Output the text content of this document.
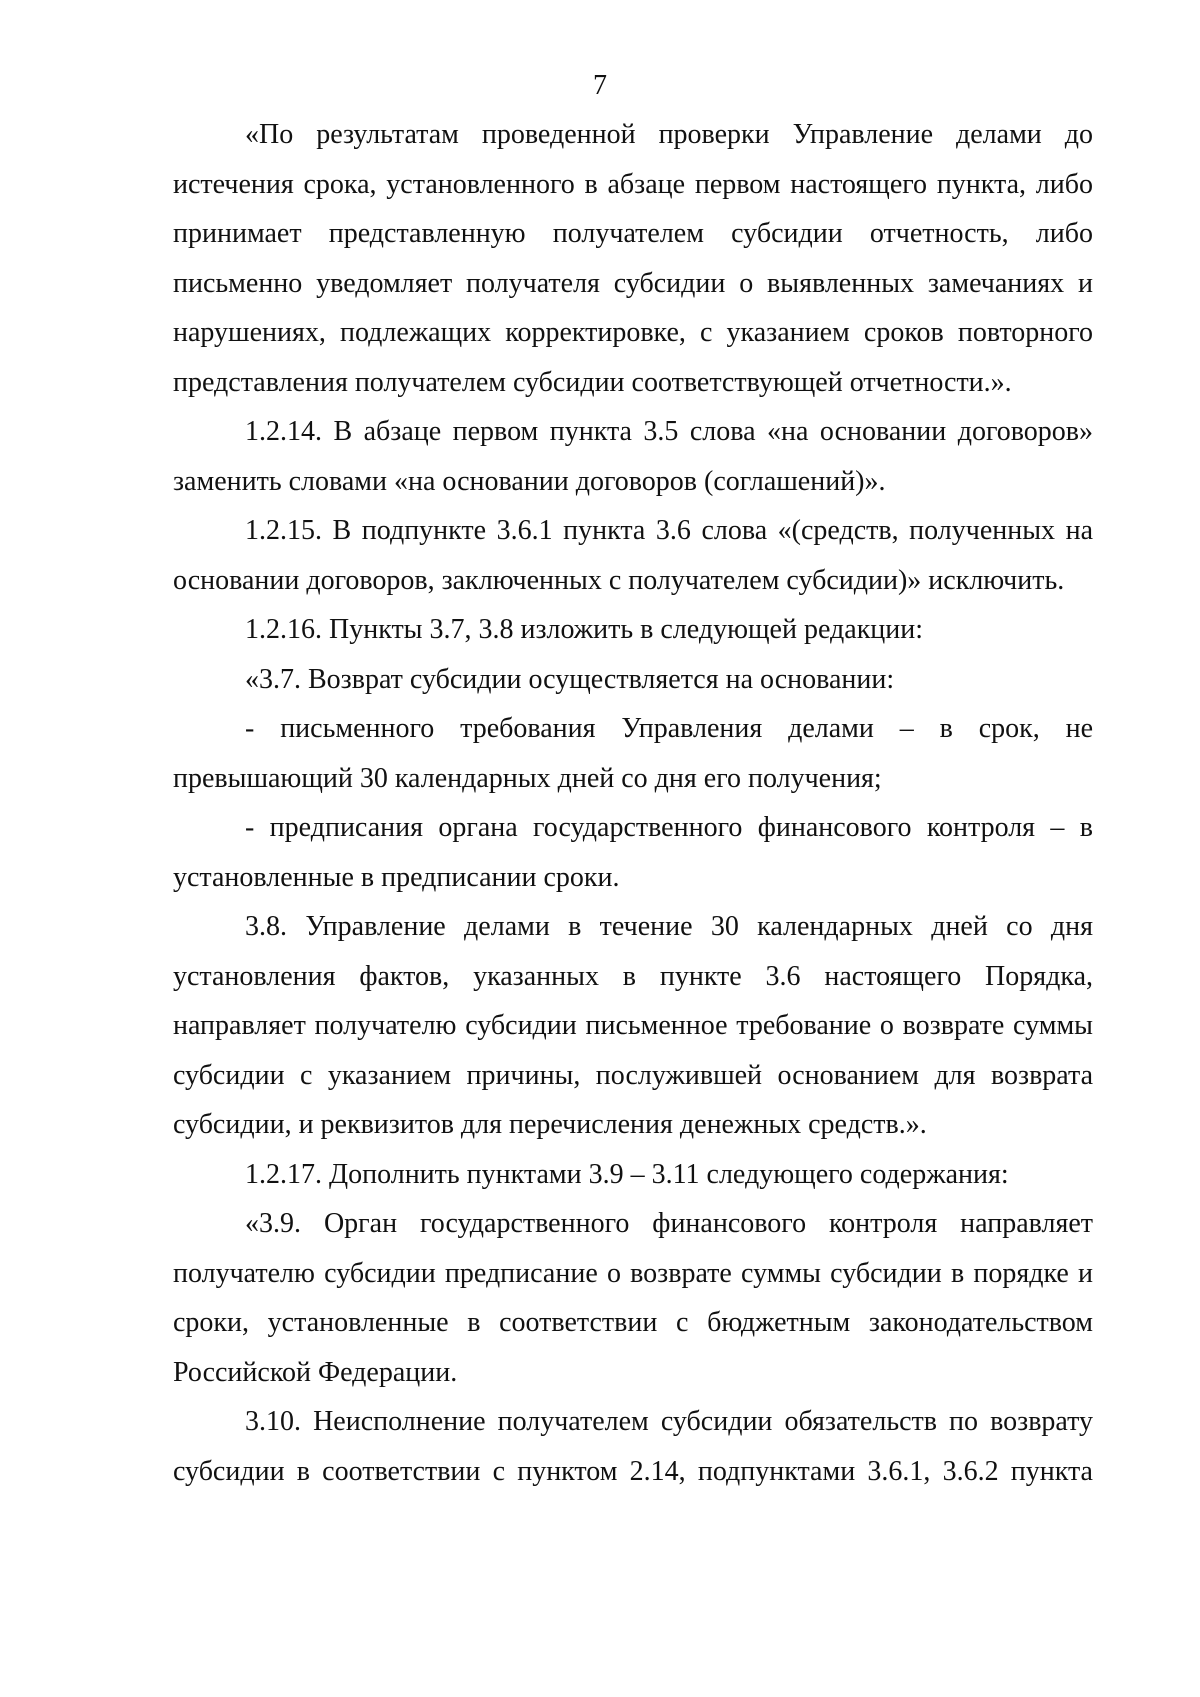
7

«По результатам проведенной проверки Управление делами до истечения срока, установленного в абзаце первом настоящего пункта, либо принимает представленную получателем субсидии отчетность, либо письменно уведомляет получателя субсидии о выявленных замечаниях и нарушениях, подлежащих корректировке, с указанием сроков повторного представления получателем субсидии соответствующей отчетности.».

1.2.14. В абзаце первом пункта 3.5 слова «на основании договоров» заменить словами «на основании договоров (соглашений)».

1.2.15. В подпункте 3.6.1 пункта 3.6 слова «(средств, полученных на основании договоров, заключенных с получателем субсидии)» исключить.

1.2.16. Пункты 3.7, 3.8 изложить в следующей редакции:

«3.7. Возврат субсидии осуществляется на основании:

- письменного требования Управления делами – в срок, не превышающий 30 календарных дней со дня его получения;

- предписания органа государственного финансового контроля – в установленные в предписании сроки.

3.8. Управление делами в течение 30 календарных дней со дня установления фактов, указанных в пункте 3.6 настоящего Порядка, направляет получателю субсидии письменное требование о возврате суммы субсидии с указанием причины, послужившей основанием для возврата субсидии, и реквизитов для перечисления денежных средств.».

1.2.17. Дополнить пунктами 3.9 – 3.11 следующего содержания:

«3.9. Орган государственного финансового контроля направляет получателю субсидии предписание о возврате суммы субсидии в порядке и сроки, установленные в соответствии с бюджетным законодательством Российской Федерации.

3.10. Неисполнение получателем субсидии обязательств по возврату субсидии в соответствии с пунктом 2.14, подпунктами 3.6.1, 3.6.2 пункта
